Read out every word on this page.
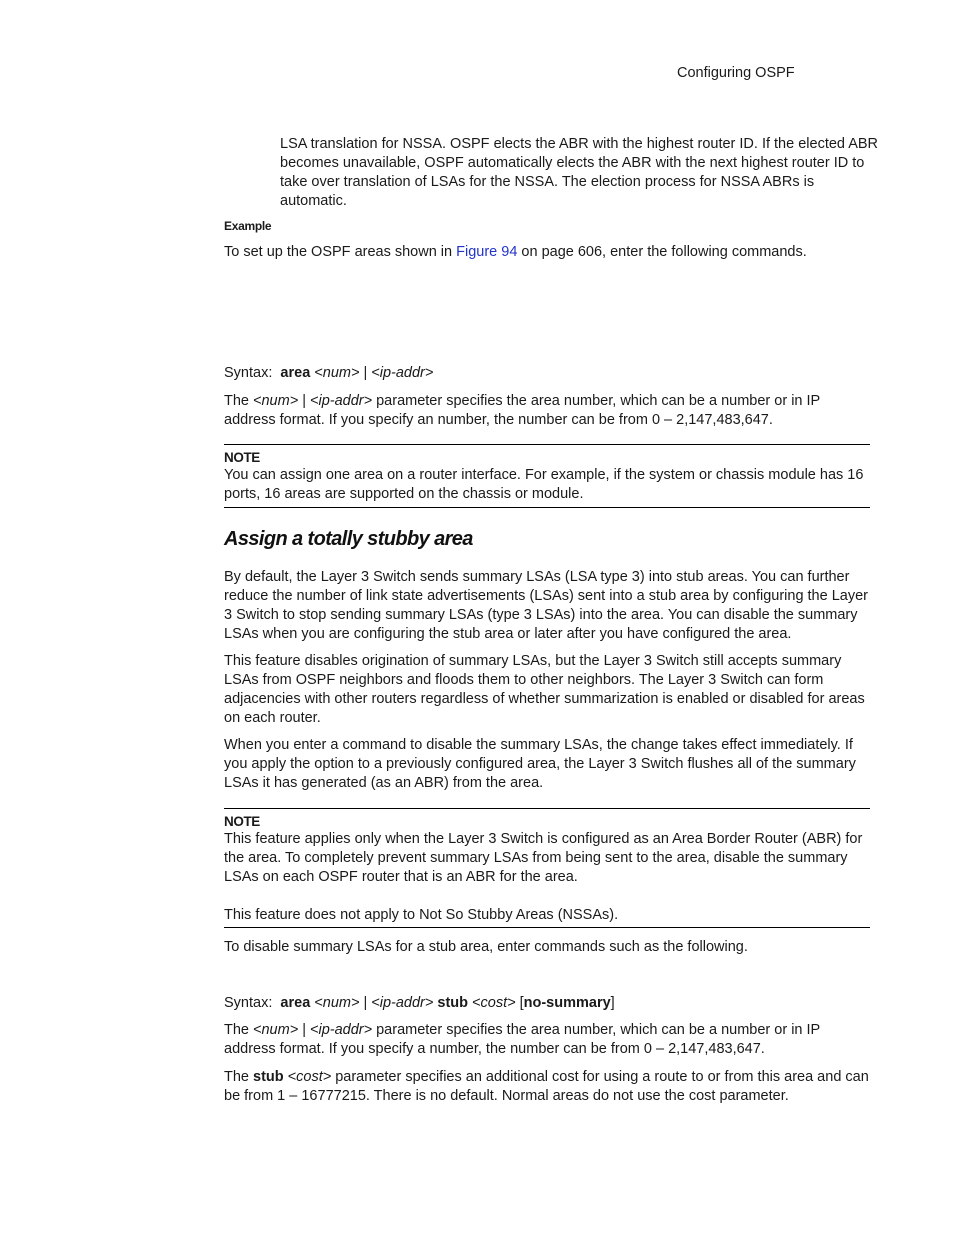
Configuring OSPF

LSA translation for NSSA. OSPF elects the ABR with the highest router ID. If the elected ABR becomes unavailable, OSPF automatically elects the ABR with the next highest router ID to take over translation of LSAs for the NSSA. The election process for NSSA ABRs is automatic.

Example

To set up the OSPF areas shown in Figure 94 on page 606, enter the following commands.

Syntax: area <num> | <ip-addr>

The <num> | <ip-addr> parameter specifies the area number, which can be a number or in IP address format. If you specify an number, the number can be from 0 – 2,147,483,647.

NOTE

You can assign one area on a router interface. For example, if the system or chassis module has 16 ports, 16 areas are supported on the chassis or module.

Assign a totally stubby area

By default, the Layer 3 Switch sends summary LSAs (LSA type 3) into stub areas. You can further reduce the number of link state advertisements (LSAs) sent into a stub area by configuring the Layer 3 Switch to stop sending summary LSAs (type 3 LSAs) into the area. You can disable the summary LSAs when you are configuring the stub area or later after you have configured the area.

This feature disables origination of summary LSAs, but the Layer 3 Switch still accepts summary LSAs from OSPF neighbors and floods them to other neighbors. The Layer 3 Switch can form adjacencies with other routers regardless of whether summarization is enabled or disabled for areas on each router.

When you enter a command to disable the summary LSAs, the change takes effect immediately. If you apply the option to a previously configured area, the Layer 3 Switch flushes all of the summary LSAs it has generated (as an ABR) from the area.

NOTE

This feature applies only when the Layer 3 Switch is configured as an Area Border Router (ABR) for the area. To completely prevent summary LSAs from being sent to the area, disable the summary LSAs on each OSPF router that is an ABR for the area.

This feature does not apply to Not So Stubby Areas (NSSAs).

To disable summary LSAs for a stub area, enter commands such as the following.

Syntax: area <num> | <ip-addr> stub <cost> [no-summary]

The <num> | <ip-addr> parameter specifies the area number, which can be a number or in IP address format. If you specify a number, the number can be from 0 – 2,147,483,647.

The stub <cost> parameter specifies an additional cost for using a route to or from this area and can be from 1 – 16777215. There is no default. Normal areas do not use the cost parameter.
